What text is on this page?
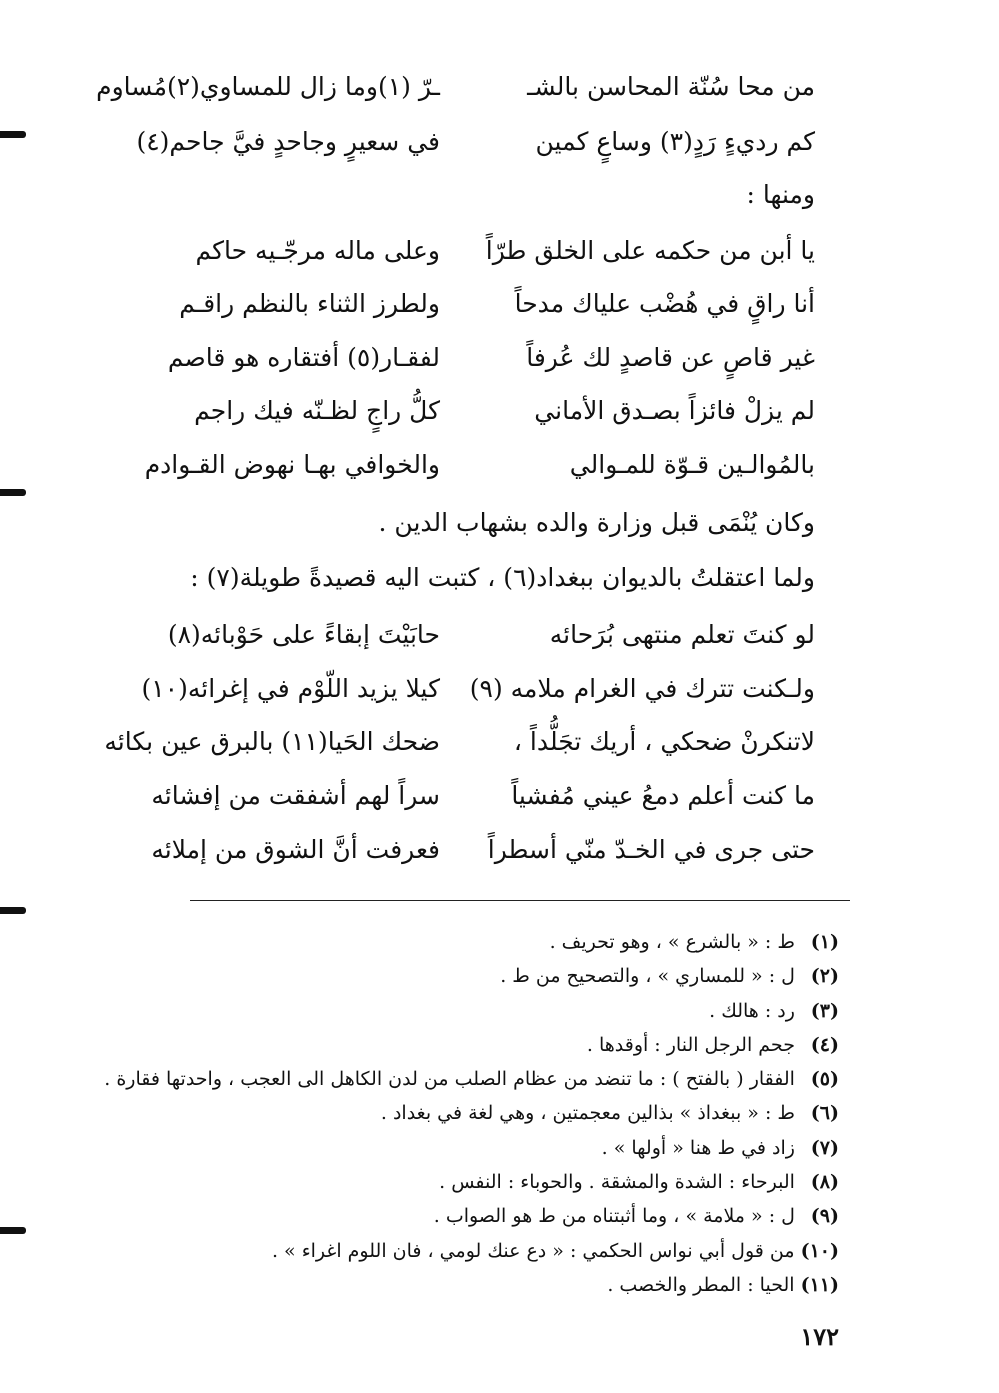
من محا سُنّة المحاسن بالشـ
ـرّ (١)وما زال للمساوي(٢)مُساوم
كم رديءٍ رَدٍ(٣) وساعٍ كمين
في سعيرٍ وجاحدٍ فيَّ جاحم(٤)
ومنها :
يا أبن من حكمه على الخلق طرّاً
وعلى ماله مرجّـيه حاكم
أنا راقٍ في هُضْب علياك مدحاً
ولطرز الثناء بالنظم راقـم
غير قاصٍ عن قاصدٍ لك عُرفاً
لفقـار(٥) أفتقاره هو قاصم
لم يزلْ فائزاً بصـدق الأماني
كلُّ راجٍ لظـنّه فيك راجم
بالمُوالـين قـوّة للمـوالي
والخوافي بهـا نهوض القـوادم
وكان يُنْمَى قبل وزارة والده بشهاب الدين .
ولما اعتقلتُ بالديوان ببغداد(٦) ، كتبت اليه قصيدةً طويلة(٧) :
لو كنتَ تعلم منتهى بُرَحائه
حابَيْتَ إبقاءً على حَوْبائه(٨)
ولـكنت تترك في الغرام ملامه (٩)
كيلا يزيد اللّوْم في إغرائه(١٠)
لاتنكرنْ ضحكي ، أريك تجَلُّداً ،
ضحك الحَيا(١١) بالبرق عين بكائه
ما كنت أعلم دمعُ عيني مُفشياً
سراً لهم أشفقت من إفشائه
حتى جرى في الخـدّ منّي أسطراً
فعرفت أنَّ الشوق من إملائه
(١) ط : « بالشرع » ، وهو تحريف .
(٢) ل : « للمساري » ، والتصحيح من ط .
(٣) رد : هالك .
(٤) جحم الرجل النار : أوقدها .
(٥) الفقار ( بالفتح ) : ما تنضد من عظام الصلب من لدن الكاهل الى العجب ، واحدتها فقارة .
(٦) ط : « ببغداذ » بذالين معجمتين ، وهي لغة في بغداد .
(٧) زاد في ط هنا « أولها » .
(٨) البرحاء : الشدة والمشقة . والحوباء : النفس .
(٩) ل : « ملامة » ، وما أثبتناه من ط هو الصواب .
(١٠) من قول أبي نواس الحكمي : « دع عنك لومي ، فان اللوم اغراء » .
(١١) الحيا : المطر والخصب .
١٧٢
